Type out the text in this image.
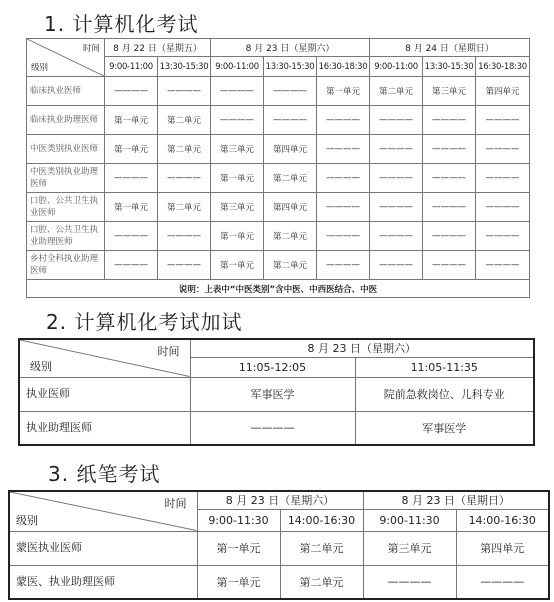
1. 计算机化考试
时间
级别	8 月 22 日（星期五）		8 月 23 日（星期六）			8 月 24 日（星期日）		
	9:00-11:00	13:30-15:30	9:00-11:00	13:30-15:30	16:30-18:30	9:00-11:00	13:30-15:30	16:30-18:30
临床执业医师	————	————	————	————	第一单元	第二单元	第三单元	第四单元
临床执业助理医师	第一单元	第二单元	————	————	————	————	————	————
中医类别执业医师	第一单元	第二单元	第三单元	第四单元	————	————	————	————
中医类别执业助理医师	————	————	第一单元	第二单元	————	————	————	————
口腔、公共卫生执业医师	第一单元	第二单元	第三单元	第四单元	————	————	————	————
口腔、公共卫生执业助理医师	————	————	第一单元	第二单元	————	————	————	————
乡村全科执业助理医师	————	————	第一单元	第二单元	————	————	————	————
说明：上表中“中医类别”含中医、中西医结合、中医								
2. 计算机化考试加试
时间
级别	8 月 23 日（星期六）	
	11:05-12:05	11:05-11:35
执业医师	军事医学	院前急救岗位、儿科专业
执业助理医师	————	军事医学
3. 纸笔考试
时间
级别	8 月 23 日（星期六）		8 月 23 日（星期日）	
	9:00-11:30	14:00-16:30	9:00-11:30	14:00-16:30
蒙医执业医师	第一单元	第二单元	第三单元	第四单元
蒙医、执业助理医师	第一单元	第二单元	————	————
